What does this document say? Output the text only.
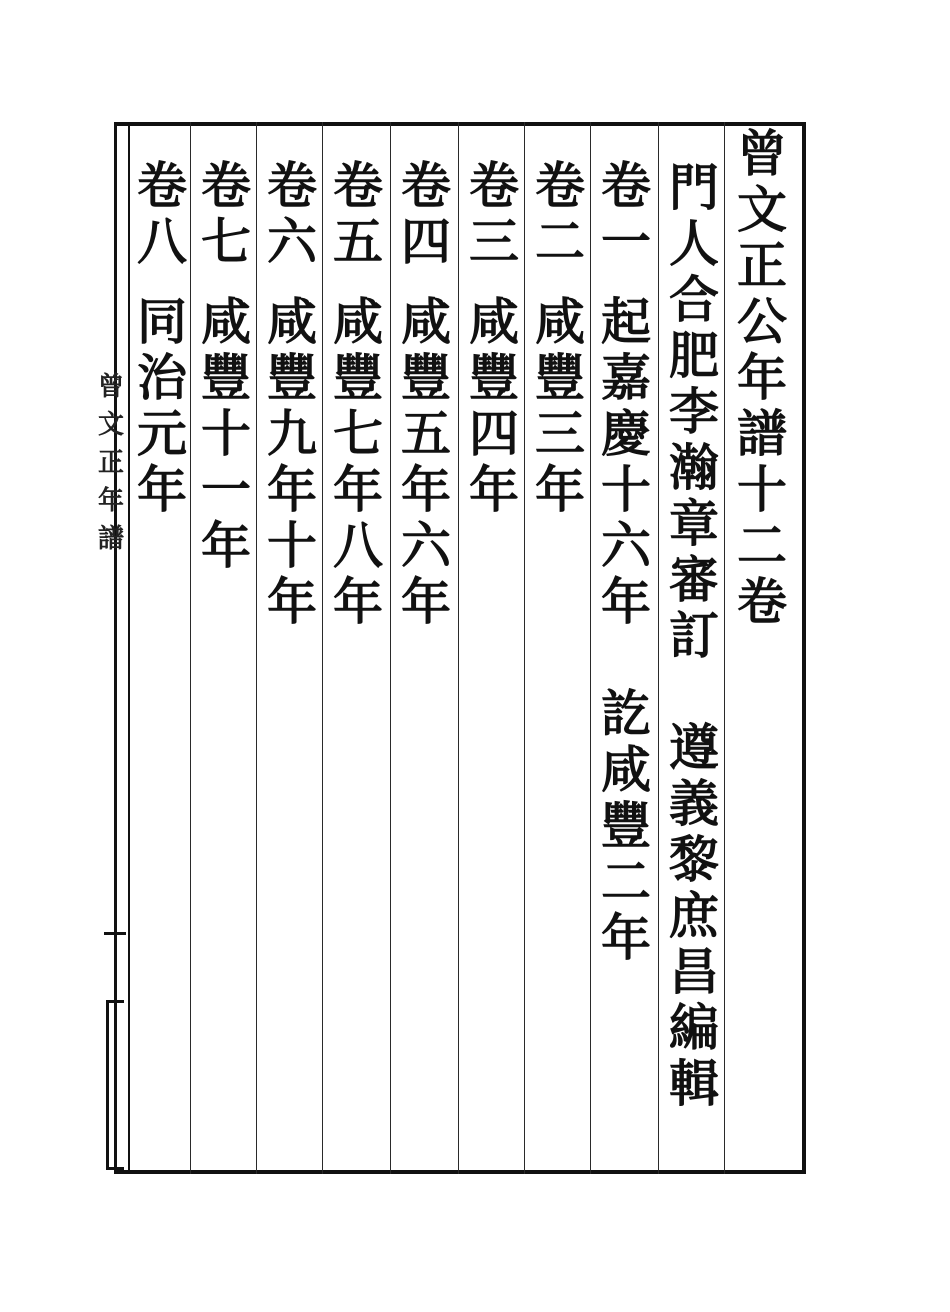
曾
文
正
公
年
譜
十
二
卷
門
人
合
肥
李
瀚
章
審
訂
遵
義
黎
庶
昌
編
輯
卷
一
起
嘉
慶
十
六
年
訖
咸
豐
二
年
卷
二
咸
豐
三
年
卷
三
咸
豐
四
年
卷
四
咸
豐
五
年
六
年
卷
五
咸
豐
七
年
八
年
卷
六
咸
豐
九
年
十
年
卷
七
咸
豐
十
一
年
卷
八
同
治
元
年
曾
文
正
年
譜
